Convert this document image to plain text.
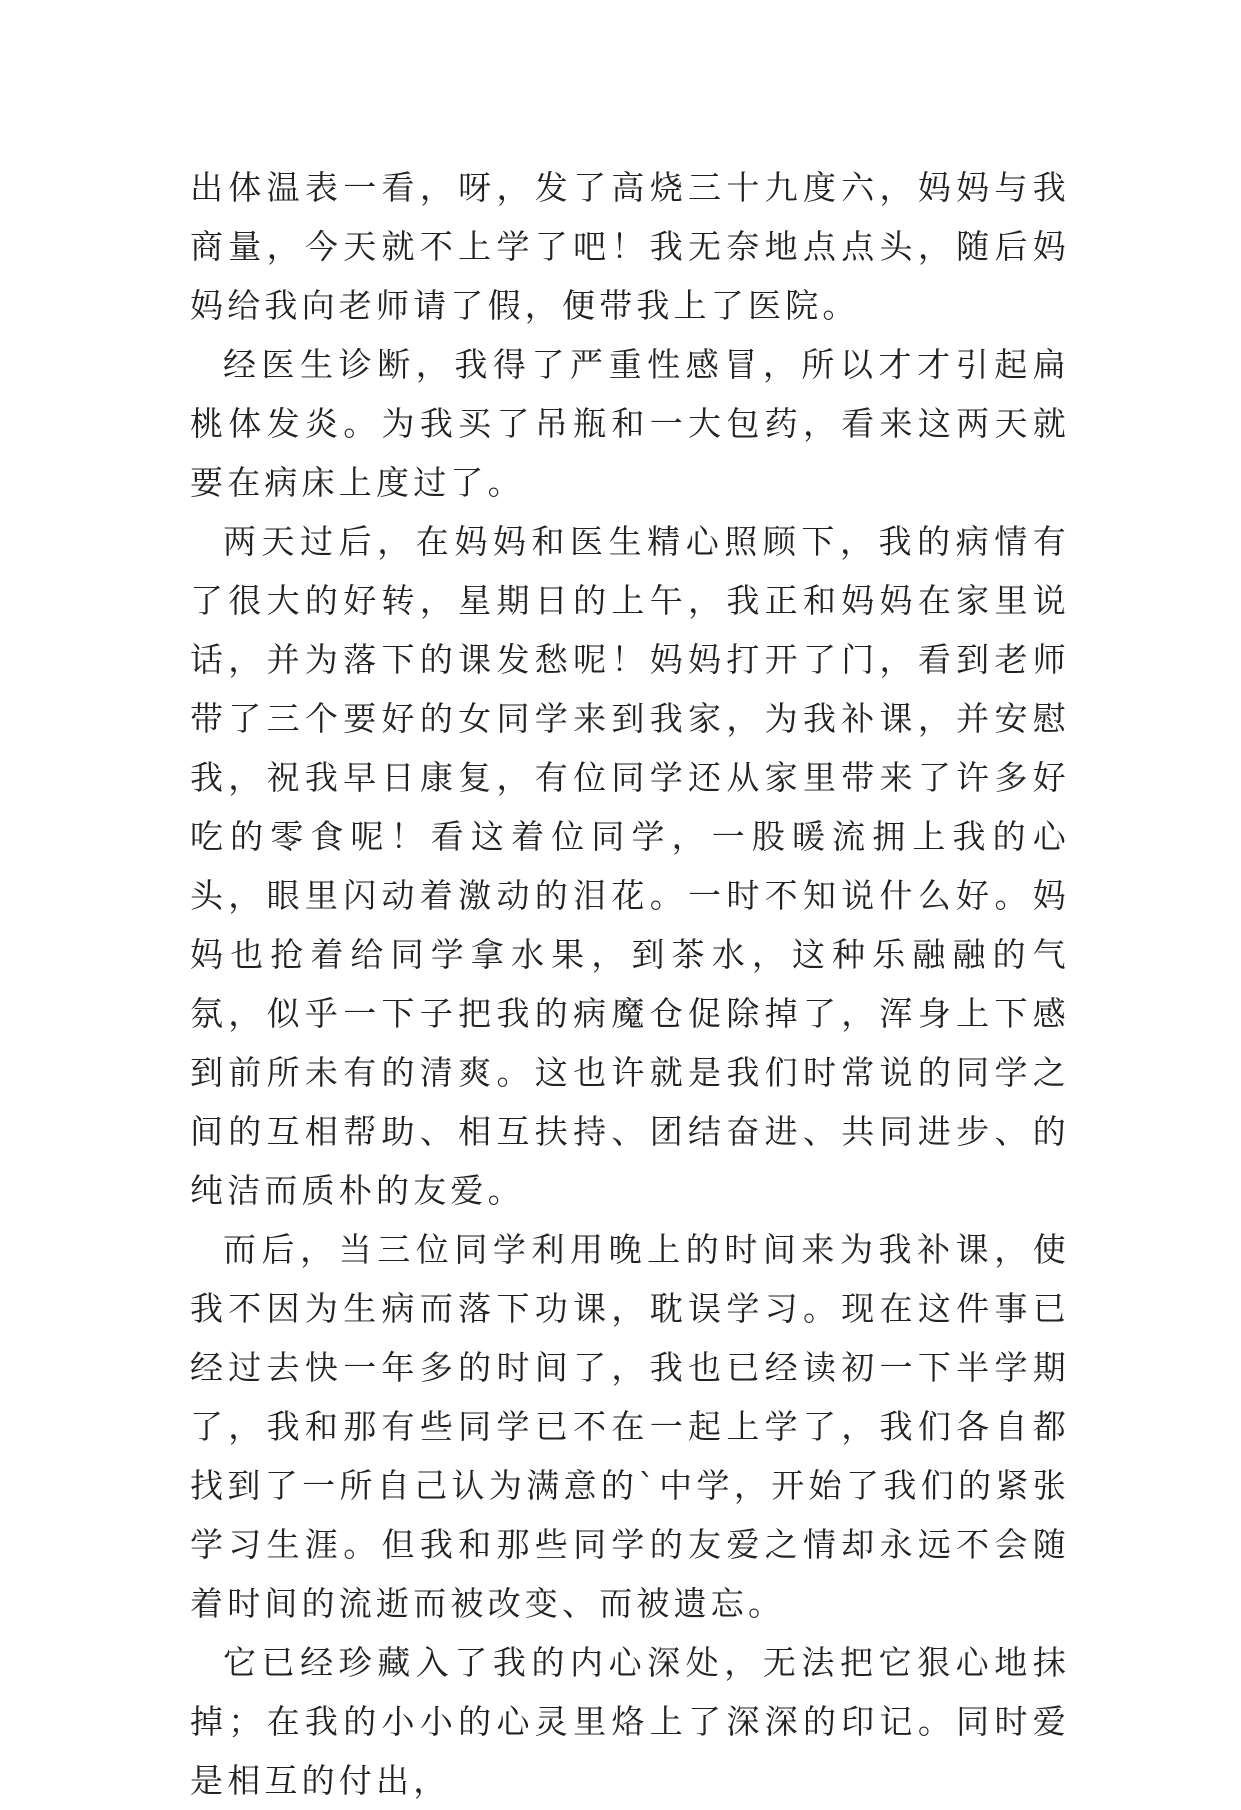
出体温表一看，呀，发了高烧三十九度六，妈妈与我商量，今天就不上学了吧！我无奈地点点头，随后妈妈给我向老师请了假，便带我上了医院。

经医生诊断，我得了严重性感冒，所以才才引起扁桃体发炎。为我买了吊瓶和一大包药，看来这两天就要在病床上度过了。

两天过后，在妈妈和医生精心照顾下，我的病情有了很大的好转，星期日的上午，我正和妈妈在家里说话，并为落下的课发愁呢！妈妈打开了门，看到老师带了三个要好的女同学来到我家，为我补课，并安慰我，祝我早日康复，有位同学还从家里带来了许多好吃的零食呢！看这着位同学，一股暖流拥上我的心头，眼里闪动着激动的泪花。一时不知说什么好。妈妈也抢着给同学拿水果，到茶水，这种乐融融的气氛，似乎一下子把我的病魔仓促除掉了，浑身上下感到前所未有的清爽。这也许就是我们时常说的同学之间的互相帮助、相互扶持、团结奋进、共同进步、的纯洁而质朴的友爱。

而后，当三位同学利用晚上的时间来为我补课，使我不因为生病而落下功课，耽误学习。现在这件事已经过去快一年多的时间了，我也已经读初一下半学期了，我和那有些同学已不在一起上学了，我们各自都找到了一所自己认为满意的`中学，开始了我们的紧张学习生涯。但我和那些同学的友爱之情却永远不会随着时间的流逝而被改变、而被遗忘。

它已经珍藏入了我的内心深处，无法把它狠心地抹掉；在我的小小的心灵里烙上了深深的印记。同时爱是相互的付出，
